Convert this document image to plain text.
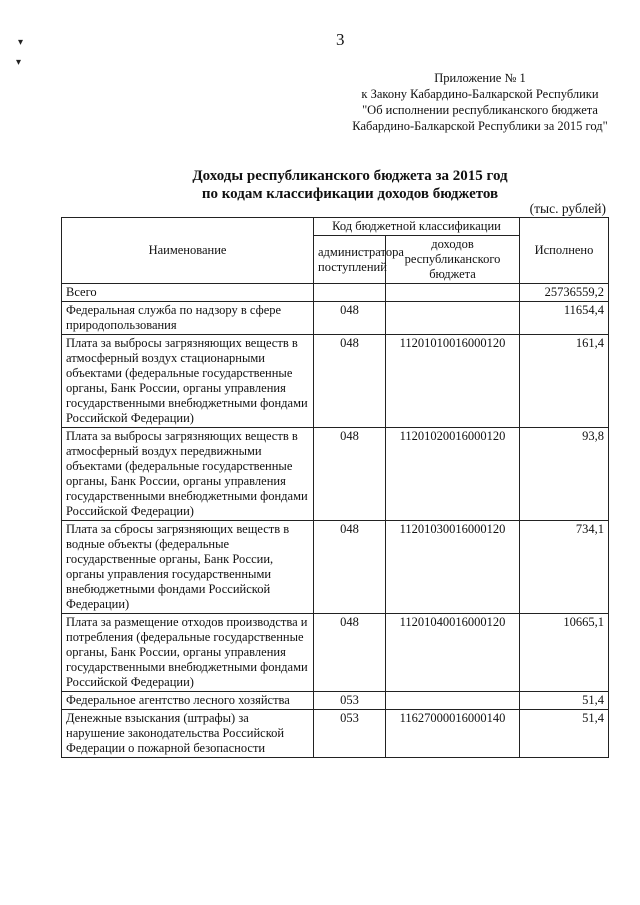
▾
▾
3
Приложение № 1
к Закону Кабардино-Балкарской Республики
"Об исполнении республиканского бюджета
Кабардино-Балкарской Республики за 2015 год"
Доходы республиканского бюджета за 2015 год
по кодам классификации доходов бюджетов
(тыс. рублей)
Наименование	Код бюджетной классификации		Исполнено
	администратора поступлений	доходов республиканского бюджета	
Всего			25736559,2
Федеральная служба по надзору в сфере природопользования	048		11654,4
Плата за выбросы загрязняющих веществ в атмосферный воздух стационарными объектами (федеральные государственные органы, Банк России, органы управления государственными внебюджетными фондами Российской Федерации)	048	11201010016000120	161,4
Плата за выбросы загрязняющих веществ в атмосферный воздух передвижными объектами (федеральные государственные органы, Банк России, органы управления государственными внебюджетными фондами Российской Федерации)	048	11201020016000120	93,8
Плата за сбросы загрязняющих веществ в водные объекты (федеральные государственные органы, Банк России, органы управления государственными внебюджетными фондами Российской Федерации)	048	11201030016000120	734,1
Плата за размещение отходов производства и потребления (федеральные государственные органы, Банк России, органы управления государственными внебюджетными фондами Российской Федерации)	048	11201040016000120	10665,1
Федеральное агентство лесного хозяйства	053		51,4
Денежные взыскания (штрафы) за нарушение законодательства Российской Федерации о пожарной безопасности	053	11627000016000140	51,4
